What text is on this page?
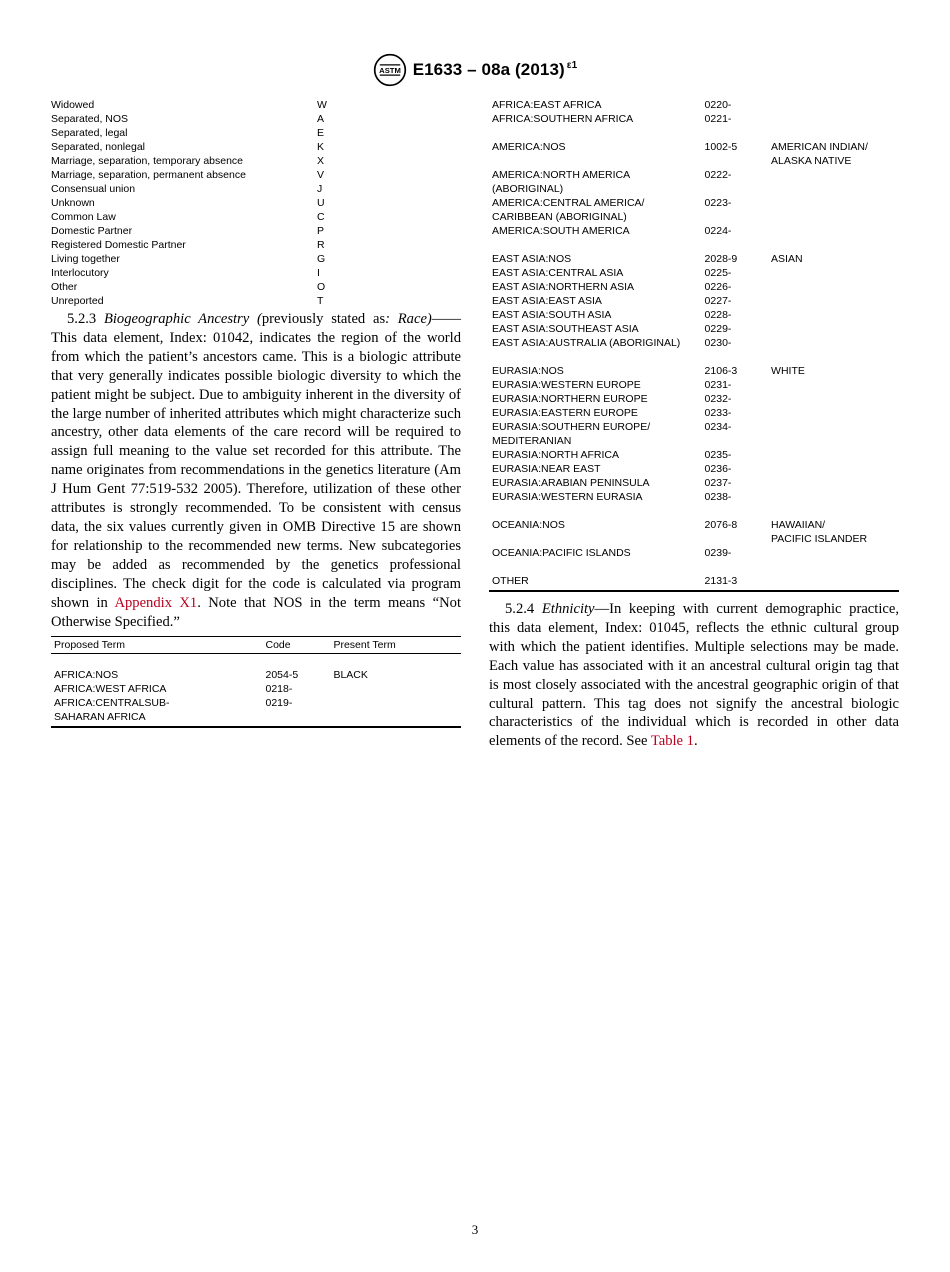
ASTM E1633 – 08a (2013) $^{\varepsilon 1}$
Widowed	W
Separated, NOS	A
Separated, legal	E
Separated, nonlegal	K
Marriage, separation, temporary absence	X
Marriage, separation, permanent absence	V
Consensual union	J
Unknown	U
Common Law	C
Domestic Partner	P
Registered Domestic Partner	R
Living together	G
Interlocutory	I
Other	O
Unreported	T

5.2.3 Biogeographic Ancestry (previously stated as: Race)——This data element, Index: 01042, indicates the region of the world from which the patient’s ancestors came. This is a biologic attribute that very generally indicates possible biologic diversity to which the patient might be subject. Due to ambiguity inherent in the diversity of the large number of inherited attributes which might characterize such ancestry, other data elements of the care record will be required to assign full meaning to the value set recorded for this attribute. The name originates from recommendations in the genetics literature (Am J Hum Gent 77:519-532 2005). Therefore, utilization of these other attributes is strongly recommended. To be consistent with census data, the six values currently given in OMB Directive 15 are shown for relationship to the recommended new terms. New subcategories may be added as recommended by the genetics professional disciplines. The check digit for the code is calculated via program shown in Appendix X1. Note that NOS in the term means “Not Otherwise Specified.”

Proposed Term	Code	Present Term

AFRICA:NOS	2054-5	BLACK
AFRICA:WEST AFRICA	0218-	
AFRICA:CENTRALSUB-	0219-	
SAHARAN AFRICA		
AFRICA:EAST AFRICA	0220-	
AFRICA:SOUTHERN AFRICA	0221-	

AMERICA:NOS	1002-5	AMERICAN INDIAN/
		ALASKA NATIVE
AMERICA:NORTH AMERICA	0222-	
(ABORIGINAL)		
AMERICA:CENTRAL AMERICA/	0223-	
CARIBBEAN (ABORIGINAL)		
AMERICA:SOUTH AMERICA	0224-	

EAST ASIA:NOS	2028-9	ASIAN
EAST ASIA:CENTRAL ASIA	0225-	
EAST ASIA:NORTHERN ASIA	0226-	
EAST ASIA:EAST ASIA	0227-	
EAST ASIA:SOUTH ASIA	0228-	
EAST ASIA:SOUTHEAST ASIA	0229-	
EAST ASIA:AUSTRALIA (ABORIGINAL)	0230-	

EURASIA:NOS	2106-3	WHITE
EURASIA:WESTERN EUROPE	0231-	
EURASIA:NORTHERN EUROPE	0232-	
EURASIA:EASTERN EUROPE	0233-	
EURASIA:SOUTHERN EUROPE/	0234-	
MEDITERANIAN		
EURASIA:NORTH AFRICA	0235-	
EURASIA:NEAR EAST	0236-	
EURASIA:ARABIAN PENINSULA	0237-	
EURASIA:WESTERN EURASIA	0238-	

OCEANIA:NOS	2076-8	HAWAIIAN/
		PACIFIC ISLANDER
OCEANIA:PACIFIC ISLANDS	0239-	

OTHER	2131-3	

5.2.4 Ethnicity—In keeping with current demographic practice, this data element, Index: 01045, reflects the ethnic cultural group with which the patient identifies. Multiple selections may be made. Each value has associated with it an ancestral cultural origin tag that is most closely associated with the ancestral geographic origin of that cultural pattern. This tag does not signify the ancestral biologic characteristics of the individual which is recorded in other data elements of the record. See Table 1.

3
